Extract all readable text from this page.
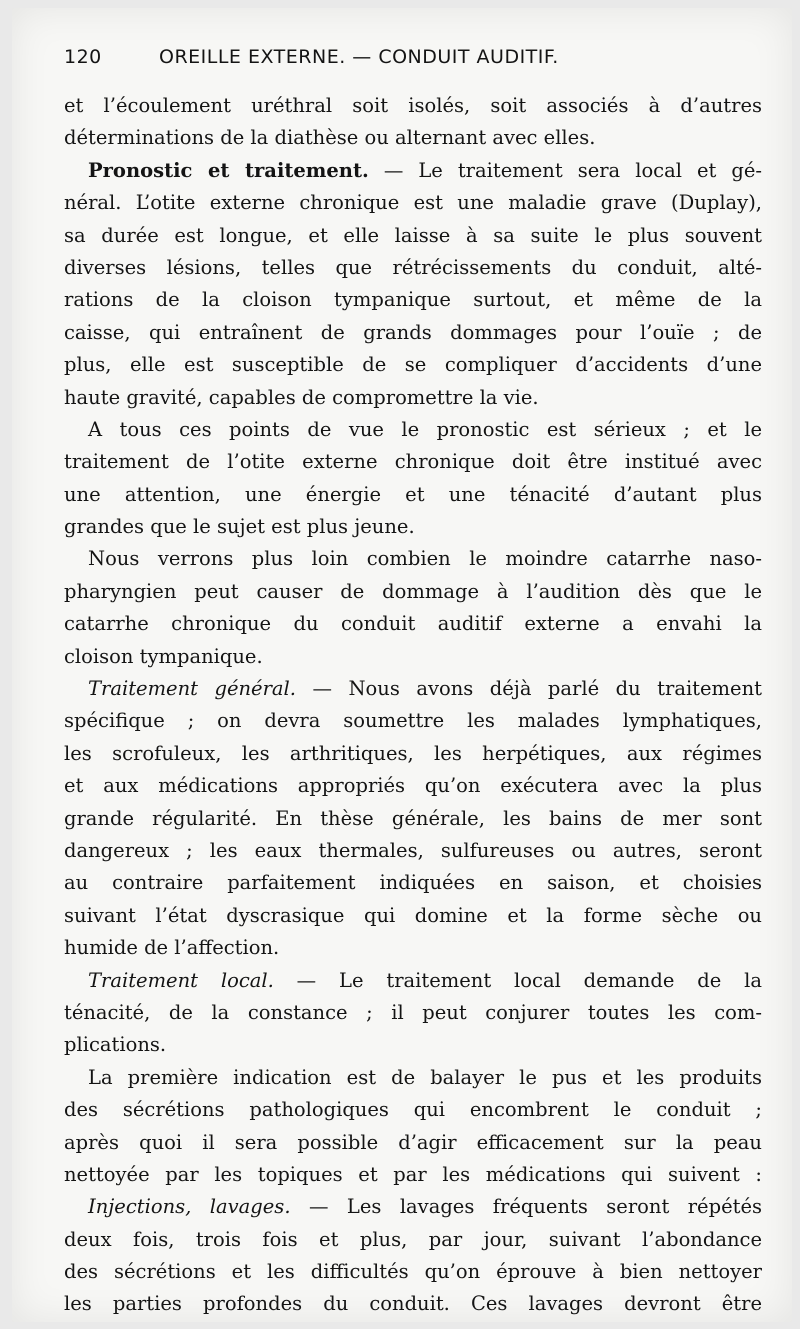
120	OREILLE EXTERNE. — CONDUIT AUDITIF.
et l’écoulement uréthral soit isolés, soit associés à d’autres
déterminations de la diathèse ou alternant avec elles.
Pronostic et traitement. — Le traitement sera local et gé-
néral. L’otite externe chronique est une maladie grave (Duplay),
sa durée est longue, et elle laisse à sa suite le plus souvent
diverses lésions, telles que rétrécissements du conduit, alté-
rations de la cloison tympanique surtout, et même de la
caisse, qui entraînent de grands dommages pour l’ouïe ; de
plus, elle est susceptible de se compliquer d’accidents d’une
haute gravité, capables de compromettre la vie.
A tous ces points de vue le pronostic est sérieux ; et le
traitement de l’otite externe chronique doit être institué avec
une attention, une énergie et une ténacité d’autant plus
grandes que le sujet est plus jeune.
Nous verrons plus loin combien le moindre catarrhe naso-
pharyngien peut causer de dommage à l’audition dès que le
catarrhe chronique du conduit auditif externe a envahi la
cloison tympanique.
Traitement général. — Nous avons déjà parlé du traitement
spécifique ; on devra soumettre les malades lymphatiques,
les scrofuleux, les arthritiques, les herpétiques, aux régimes
et aux médications appropriés qu’on exécutera avec la plus
grande régularité. En thèse générale, les bains de mer sont
dangereux ; les eaux thermales, sulfureuses ou autres, seront
au contraire parfaitement indiquées en saison, et choisies
suivant l’état dyscrasique qui domine et la forme sèche ou
humide de l’affection.
Traitement local. — Le traitement local demande de la
ténacité, de la constance ; il peut conjurer toutes les com-
plications.
La première indication est de balayer le pus et les produits
des sécrétions pathologiques qui encombrent le conduit ;
après quoi il sera possible d’agir efficacement sur la peau
nettoyée par les topiques et par les médications qui suivent :
Injections, lavages. — Les lavages fréquents seront répétés
deux fois, trois fois et plus, par jour, suivant l’abondance
des sécrétions et les difficultés qu’on éprouve à bien nettoyer
les parties profondes du conduit. Ces lavages devront être
